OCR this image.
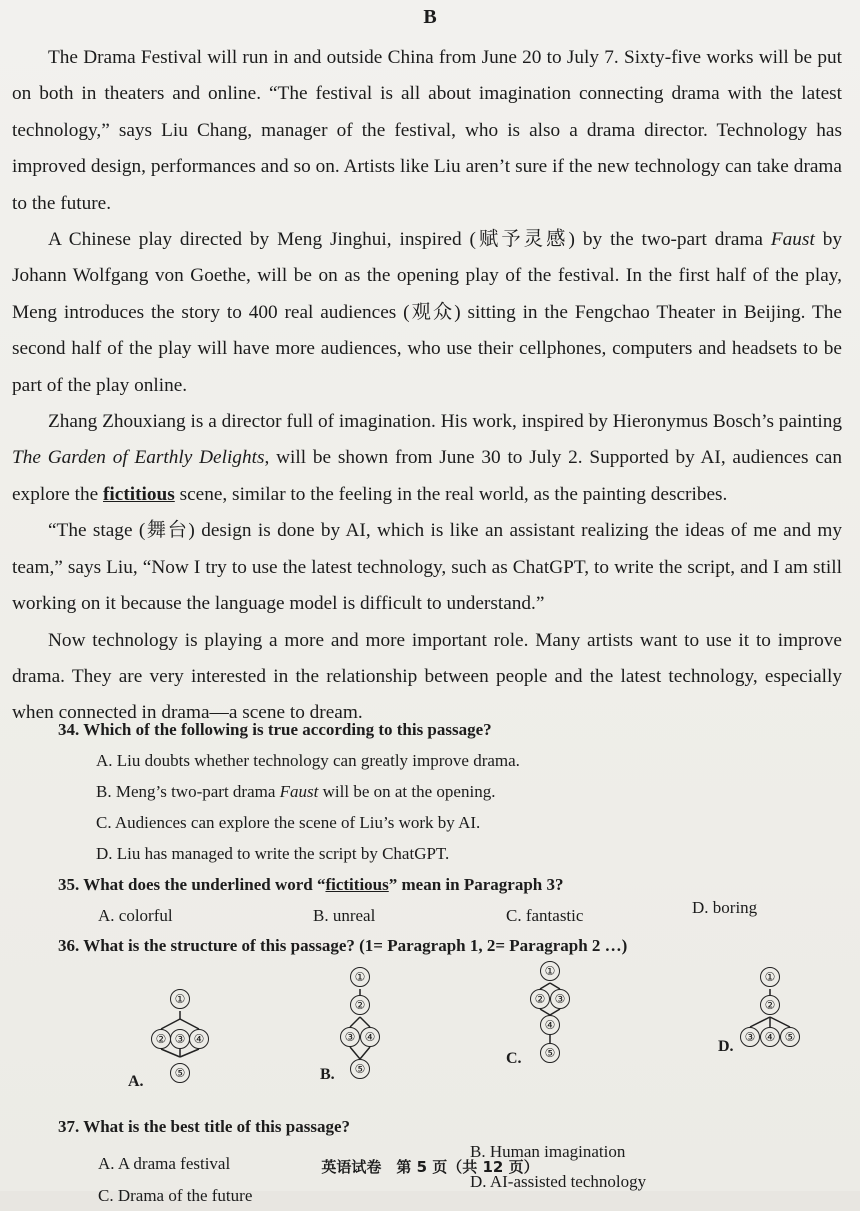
B

The Drama Festival will run in and outside China from June 20 to July 7. Sixty-five works will be put on both in theaters and online. “The festival is all about imagination connecting drama with the latest technology,” says Liu Chang, manager of the festival, who is also a drama director. Technology has improved design, performances and so on. Artists like Liu aren’t sure if the new technology can take drama to the future.

A Chinese play directed by Meng Jinghui, inspired (赋予灵感) by the two-part drama Faust by Johann Wolfgang von Goethe, will be on as the opening play of the festival. In the first half of the play, Meng introduces the story to 400 real audiences (观众) sitting in the Fengchao Theater in Beijing. The second half of the play will have more audiences, who use their cellphones, computers and headsets to be part of the play online.

Zhang Zhouxiang is a director full of imagination. His work, inspired by Hieronymus Bosch’s painting The Garden of Earthly Delights, will be shown from June 30 to July 2. Supported by AI, audiences can explore the fictitious scene, similar to the feeling in the real world, as the painting describes.

“The stage (舞台) design is done by AI, which is like an assistant realizing the ideas of me and my team,” says Liu, “Now I try to use the latest technology, such as ChatGPT, to write the script, and I am still working on it because the language model is difficult to understand.”

Now technology is playing a more and more important role. Many artists want to use it to improve drama. They are very interested in the relationship between people and the latest technology, especially when connected in drama—a scene to dream.

34. Which of the following is true according to this passage?

A. Liu doubts whether technology can greatly improve drama.

B. Meng’s two-part drama Faust will be on at the opening.

C. Audiences can explore the scene of Liu’s work by AI.

D. Liu has managed to write the script by ChatGPT.

35. What does the underlined word “fictitious” mean in Paragraph 3?

A. colorful	B. unreal	C. fantastic	D. boring

36. What is the structure of this passage? (1= Paragraph 1, 2= Paragraph 2 …)

①
② ③ ④
⑤
A.
①
②
③ ④
⑤
B.
①
② ③
④
⑤
C.
①
②
③ ④ ⑤
D.

37. What is the best title of this passage?

A. A drama festival
B. Human imagination
C. Drama of the future
D. AI-assisted technology
英语试卷　第 5 页（共 12 页）
